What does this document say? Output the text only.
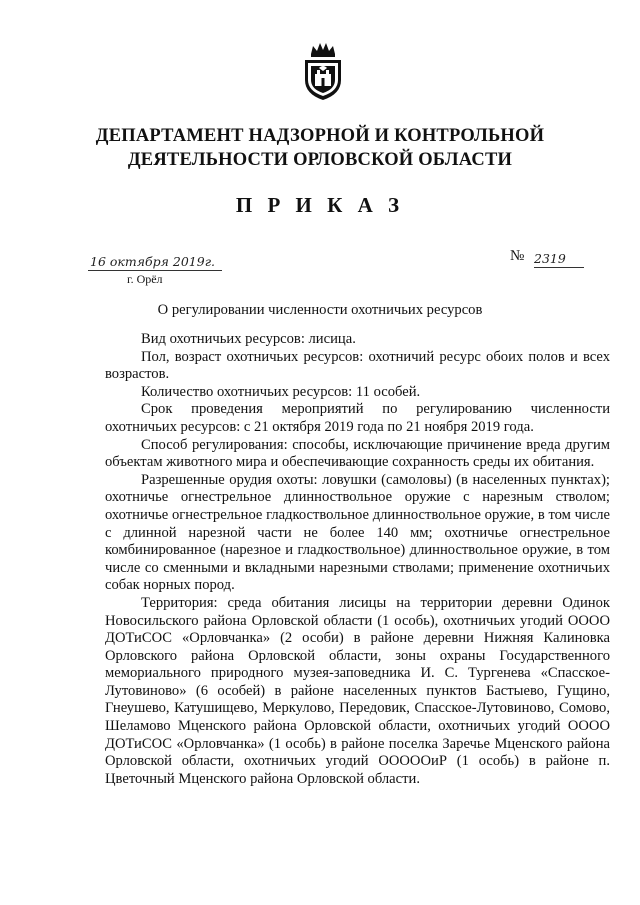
ДЕПАРТАМЕНТ НАДЗОРНОЙ И КОНТРОЛЬНОЙ
ДЕЯТЕЛЬНОСТИ ОРЛОВСКОЙ ОБЛАСТИ
П Р И К А З
16 октября 2019г.
г. Орёл
№ 2319
О регулировании численности охотничьих ресурсов

Вид охотничьих ресурсов: лисица.

Пол, возраст охотничьих ресурсов: охотничий ресурс обоих полов и всех возрастов.

Количество охотничьих ресурсов: 11 особей.

Срок проведения мероприятий по регулированию численности охотничьих ресурсов: с 21 октября 2019 года по 21 ноября 2019 года.

Способ регулирования: способы, исключающие причинение вреда другим объектам животного мира и обеспечивающие сохранность среды их обитания.

Разрешенные орудия охоты: ловушки (самоловы) (в населенных пунктах); охотничье огнестрельное длинноствольное оружие с нарезным стволом; охотничье огнестрельное гладкоствольное длинноствольное оружие, в том числе с длинной нарезной части не более 140 мм; охотничье огнестрельное комбинированное (нарезное и гладкоствольное) длинноствольное оружие, в том числе со сменными и вкладными нарезными стволами; применение охотничьих собак норных пород.

Территория: среда обитания лисицы на территории деревни Одинок Новосильского района Орловской области (1 особь), охотничьих угодий ОООО ДОТиСОС «Орловчанка» (2 особи) в районе деревни Нижняя Калиновка Орловского района Орловской области, зоны охраны Государственного мемориального природного музея-заповедника И. С. Тургенева «Спасское-Лутовиново» (6 особей) в районе населенных пунктов Бастыево, Гущино, Гнеушево, Катушищево, Меркулово, Передовик, Спасское-Лутовиново, Сомово, Шеламово Мценского района Орловской области, охотничьих угодий ОООО ДОТиСОС «Орловчанка» (1 особь) в районе поселка Заречье Мценского района Орловской области, охотничьих угодий ОООООиР (1 особь) в районе п. Цветочный Мценского района Орловской области.
